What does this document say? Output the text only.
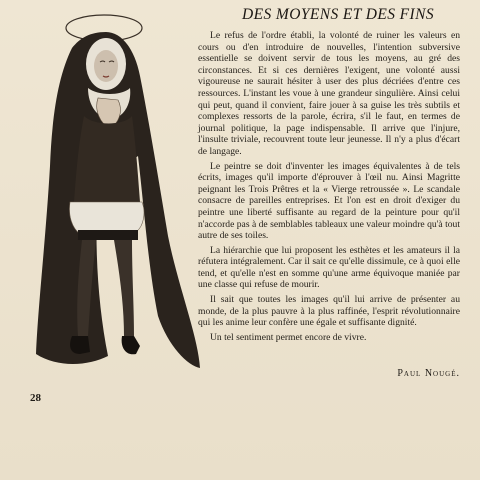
DES MOYENS ET DES FINS

Le refus de l'ordre établi, la volonté de ruiner les valeurs en cours ou d'en introduire de nouvelles, l'intention subversive essentielle se doivent servir de tous les moyens, au gré des circonstances. Et si ces dernières l'exigent, une volonté aussi vigoureuse ne saurait hésiter à user des plus décriées d'entre ces ressources. L'instant les voue à une grandeur singulière. Ainsi celui qui peut, quand il convient, faire jouer à sa guise les très subtils et complexes ressorts de la parole, écrira, s'il le faut, en termes de journal politique, la page indispensable. Il arrive que l'injure, l'insulte triviale, recouvrent toute leur jeunesse. Il n'y a plus d'écart de langage.

Le peintre se doit d'inventer les images équivalentes à de tels écrits, images qu'il importe d'éprouver à l'œil nu. Ainsi Magritte peignant les Trois Prêtres et la « Vierge retroussée ». Le scandale consacre de pareilles entreprises. Et l'on est en droit d'exiger du peintre une liberté suffisante au regard de la peinture pour qu'il n'accorde pas à de semblables tableaux une valeur moindre qu'à tout autre de ses toiles.

La hiérarchie que lui proposent les esthètes et les amateurs il la réfutera intégralement. Car il sait ce qu'elle dissimule, ce à quoi elle tend, et qu'elle n'est en somme qu'une arme équivoque maniée par une classe qui refuse de mourir.

Il sait que toutes les images qu'il lui arrive de présenter au monde, de la plus pauvre à la plus raffinée, l'esprit révolutionnaire qui les anime leur confère une égale et suffisante dignité.

Un tel sentiment permet encore de vivre.

Paul Nougé.
28
